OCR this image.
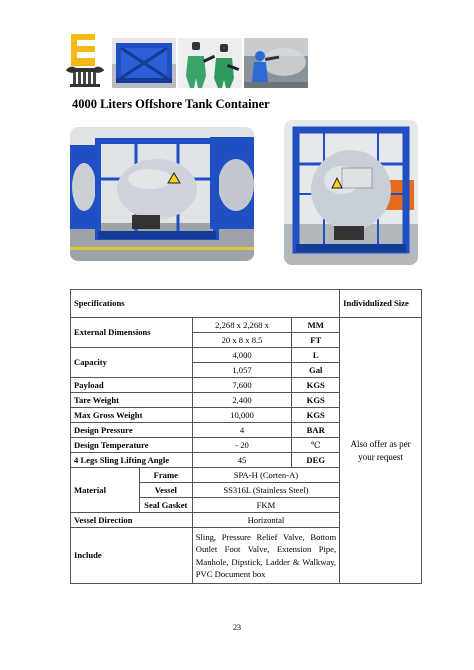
4000 Liters Offshore Tank Container
Specifications				Individulized Size
External Dimensions		2,268 x 2,268 x	MM	Also offer as per your request
		20 x 8 x 8.5	FT	
Capacity		4,000	L	
		1,057	Gal	
Payload		7,600	KGS	
Tare Weight		2,400	KGS	
Max Gross Weight		10,000	KGS	
Design Pressure		4	BAR	
Design Temperature		- 20	℃	
4 Legs Sling Lifting Angle		45	DEG	
Material	Frame	SPA-H (Corten-A)		
	Vessel	SS316L (Stainless Steel)		
	Seal Gasket	FKM		
Vessel Direction		Horizontal		
Include		Sling, Pressure Relief Valve, Bottom Outlet Foot Valve, Extension Pipe, Manhole, Dipstick, Ladder & Walkway, PVC Document box		
23
